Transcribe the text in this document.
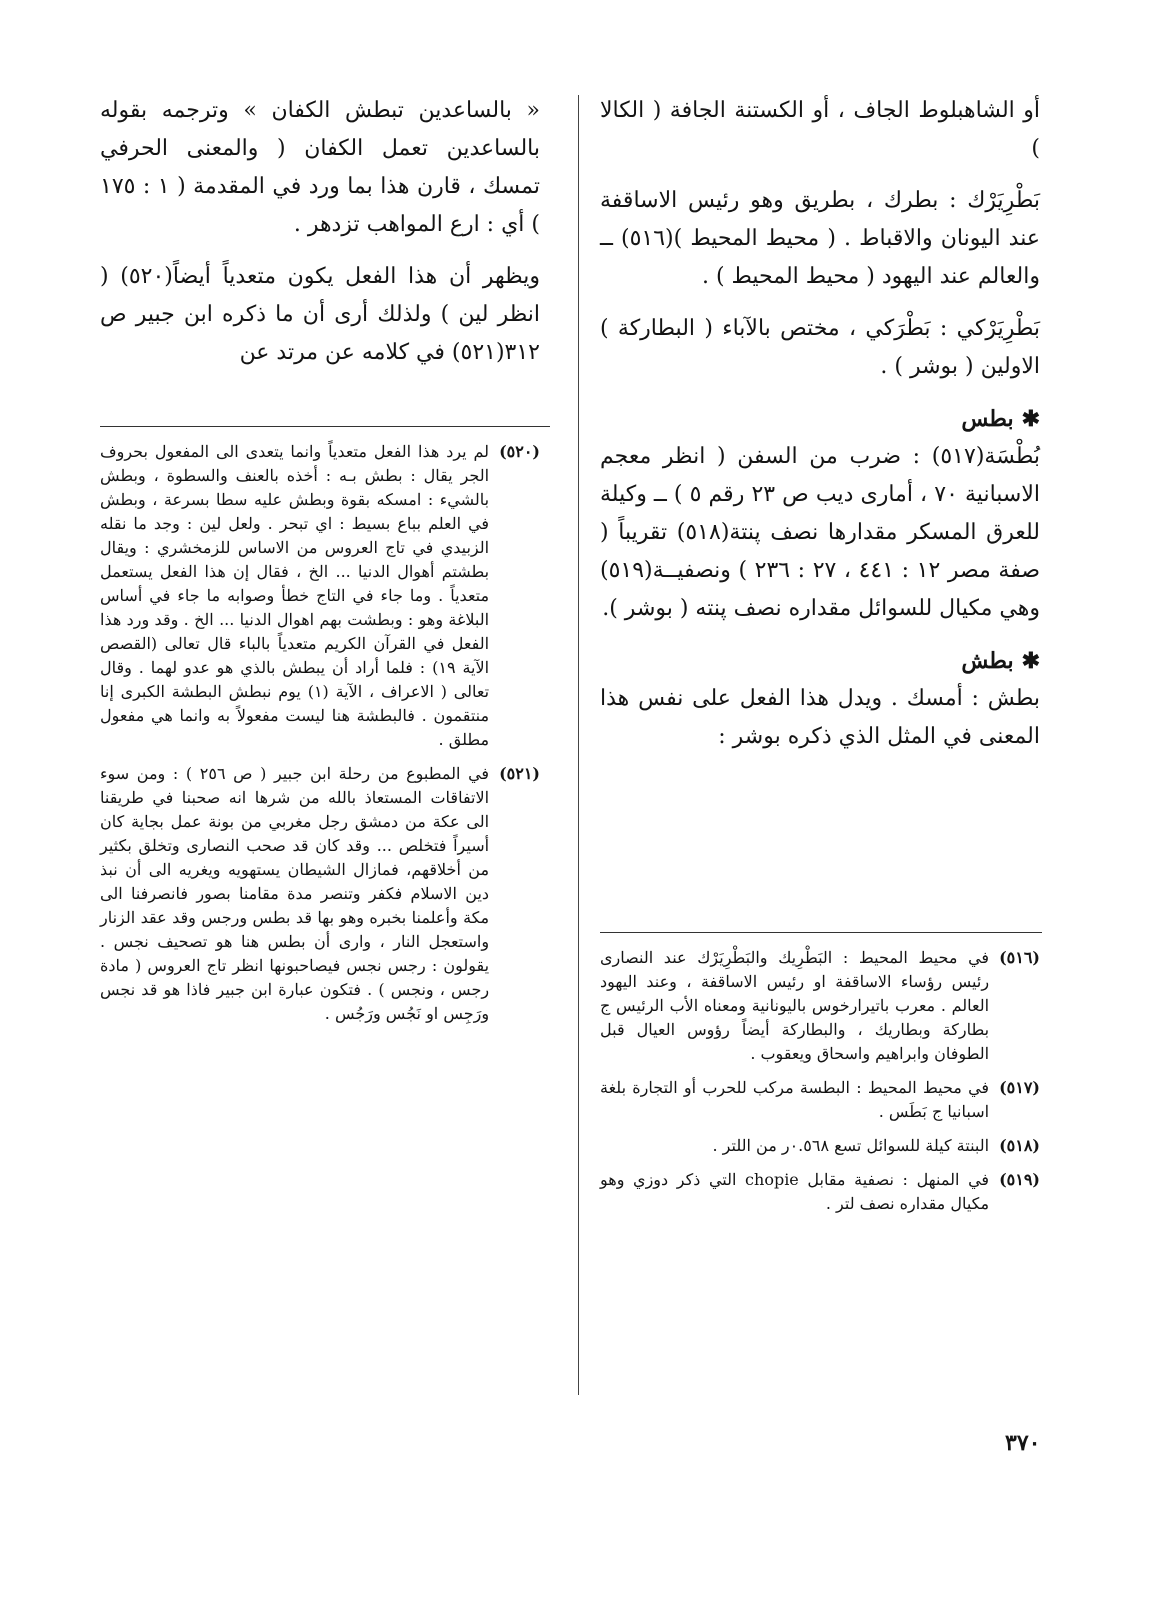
أو الشاهبلوط الجاف ، أو الكستنة الجافة ( الكالا )

بَطْرِيَرْك : بطرك ، بطريق وهو رئيس الاساقفة عند اليونان والاقباط . ( محيط المحيط )(٥١٦) ــ والعالم عند اليهود ( محيط المحيط ) .

بَطْرِيَرْكي : بَطْرَكي ، مختص بالآباء ( البطاركة ) الاولين ( بوشر ) .

✱بطس

بُطْسَة(٥١٧) : ضرب من السفن ( انظر معجم الاسبانية ٧٠ ، أمارى ديب ص ٢٣ رقم ٥ ) ــ وكيلة للعرق المسكر مقدارها نصف پنتة(٥١٨) تقريباً ( صفة مصر ١٢ : ٤٤١ ، ٢٧ : ٢٣٦ ) ونصفيــة(٥١٩) وهي مكيال للسوائل مقداره نصف پنته ( بوشر ).

✱بطش

بطش : أمسك . ويدل هذا الفعل على نفس هذا المعنى في المثل الذي ذكره بوشر :

« بالساعدين تبطش الكفان » وترجمه بقوله بالساعدين تعمل الكفان ( والمعنى الحرفي تمسك ، قارن هذا بما ورد في المقدمة ( ١ : ١٧٥ ) أي : ارع المواهب تزدهر .

ويظهر أن هذا الفعل يكون متعدياً أيضاً(٥٢٠) ( انظر لين ) ولذلك أرى أن ما ذكره ابن جبير ص ٣١٢(٥٢١) في كلامه عن مرتد عن

(٥٢٠)
لم يرد هذا الفعل متعدياً وانما يتعدى الى المفعول بحروف الجر يقال : بطش بـه : أخذه بالعنف والسطوة ، وبطش بالشيء : امسكه بقوة وبطش عليه سطا بسرعة ، وبطش في العلم بباع بسيط : اي تبحر . ولعل لين : وجد ما نقله الزبيدي في تاج العروس من الاساس للزمخشري : ويقال بطشتم أهوال الدنيا ... الخ ، فقال إن هذا الفعل يستعمل متعدياً . وما جاء في التاج خطأ وصوابه ما جاء في أساس البلاغة وهو : وبطشت بهم اهوال الدنيا ... الخ . وقد ورد هذا الفعل في القرآن الكريم متعدياً بالباء قال تعالى (القصص الآية ١٩) : فلما أراد أن يبطش بالذي هو عدو لهما . وقال تعالى ( الاعراف ، الآية (١) يوم نبطش البطشة الكبرى إنا منتقمون . فالبطشة هنا ليست مفعولاً به وانما هي مفعول مطلق .
(٥٢١)
في المطبوع من رحلة ابن جبير ( ص ٢٥٦ ) : ومن سوء الاتفاقات المستعاذ بالله من شرها انه صحبنا في طريقنا الى عكة من دمشق رجل مغربي من بونة عمل بجاية كان أسيراً فتخلص ... وقد كان قد صحب النصارى وتخلق بكثير من أخلاقهم، فمازال الشيطان يستهويه ويغريه الى أن نبذ دين الاسلام فكفر وتنصر مدة مقامنا بصور فانصرفنا الى مكة وأعلمنا بخبره وهو بها قد بطس ورجس وقد عقد الزنار واستعجل النار ، وارى أن بطس هنا هو تصحيف نجس . يقولون : رجس نجس فيصاحبونها انظر تاج العروس ( مادة رجس ، ونجس ) . فتكون عبارة ابن جبير فاذا هو قد نجس ورَجِس او نَجُس ورَجُس .
(٥١٦)
في محيط المحيط : البَطْرِيك والبَطْرِيَرْك عند النصارى رئيس رؤساء الاساقفة او رئيس الاساقفة ، وعند اليهود العالم . معرب باتيرارخوس باليونانية ومعناه الأب الرئيس ج بطاركة وبطاريك ، والبطاركة أيضاً رؤوس العيال قبل الطوفان وابراهيم واسحاق ويعقوب .
(٥١٧)
في محيط المحيط : البطسة مركب للحرب أو التجارة بلغة اسبانيا ج بَطَس .
(٥١٨)
البنتة كيلة للسوائل تسع ٠.٥٦٨ر من اللتر .
(٥١٩)
في المنهل : نصفية مقابل chopie التي ذكر دوزي وهو مكيال مقداره نصف لتر .
٣٧٠
